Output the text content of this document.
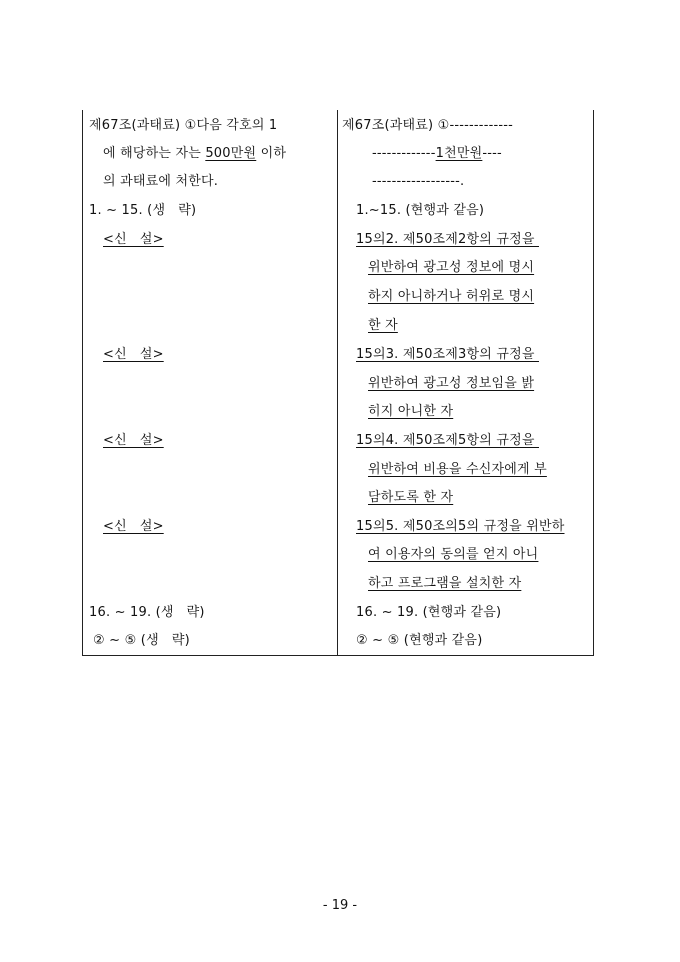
제67조(과태료) ①다음 각호의 1
에 해당하는 자는 500만원 이하
의 과태료에 처한다.
1. ~ 15. (생   략)
<신   설>
<신   설>
<신   설>
<신   설>
16. ~ 19. (생   략)
② ~ ⑤ (생   략)
제67조(과태료) ①-------------
-------------1천만원----
------------------.
1.~15. (현행과 같음)
15의2. 제50조제2항의 규정을
위반하여 광고성 정보에 명시
하지 아니하거나 허위로 명시
한 자
15의3. 제50조제3항의 규정을
위반하여 광고성 정보임을 밝
히지 아니한 자
15의4. 제50조제5항의 규정을
위반하여 비용을 수신자에게 부
담하도록 한 자
15의5. 제50조의5의 규정을 위반하
여 이용자의 동의를 얻지 아니
하고 프로그램을 설치한 자
16. ~ 19. (현행과 같음)
② ~ ⑤ (현행과 같음)
- 19 -
